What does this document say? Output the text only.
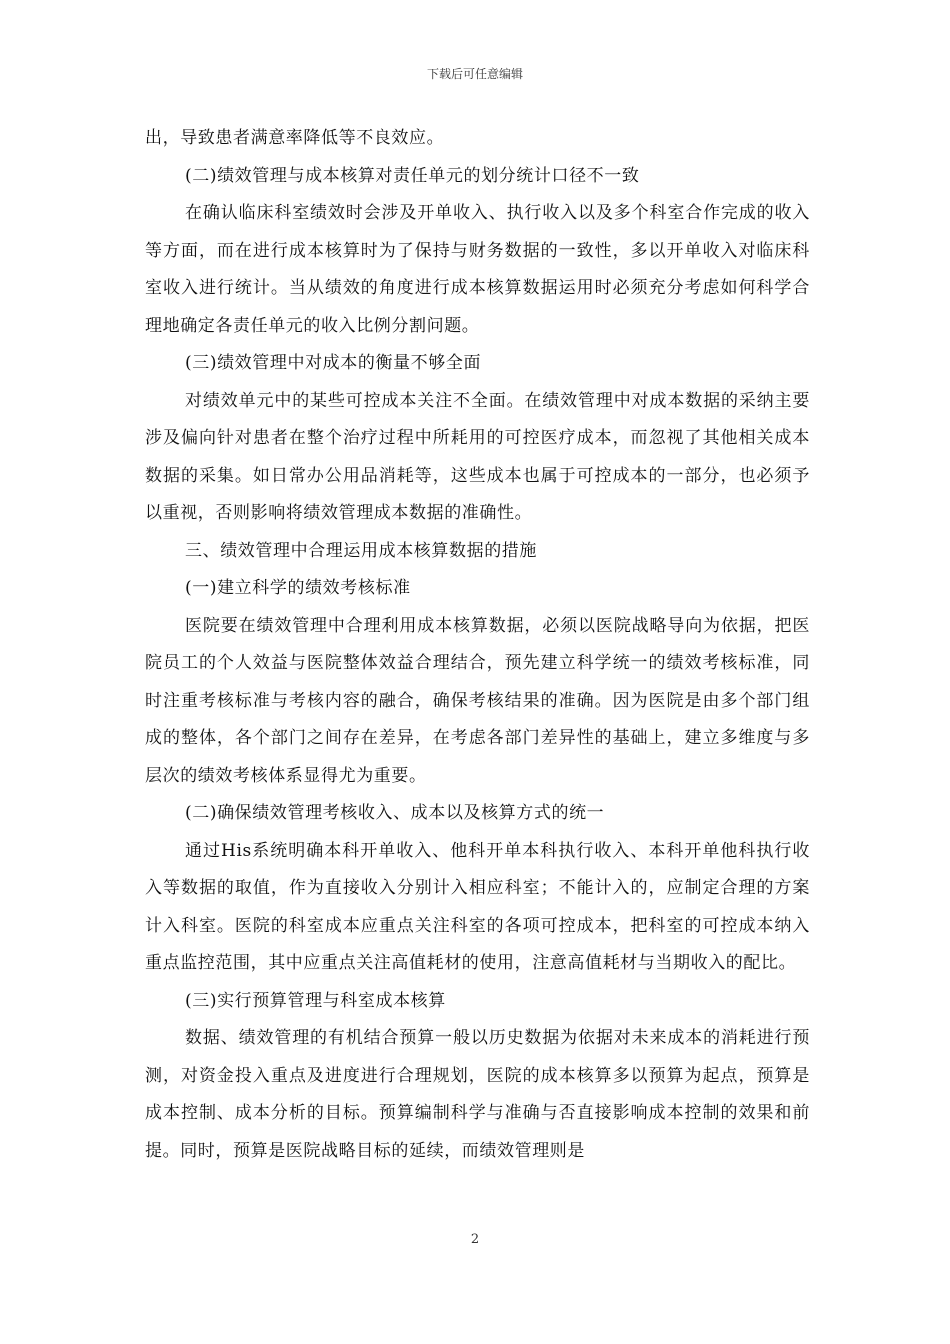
下载后可任意编辑

出，导致患者满意率降低等不良效应。

(二)绩效管理与成本核算对责任单元的划分统计口径不一致

在确认临床科室绩效时会涉及开单收入、执行收入以及多个科室合作完成的收入等方面，而在进行成本核算时为了保持与财务数据的一致性，多以开单收入对临床科室收入进行统计。当从绩效的角度进行成本核算数据运用时必须充分考虑如何科学合理地确定各责任单元的收入比例分割问题。

(三)绩效管理中对成本的衡量不够全面

对绩效单元中的某些可控成本关注不全面。在绩效管理中对成本数据的采纳主要涉及偏向针对患者在整个治疗过程中所耗用的可控医疗成本，而忽视了其他相关成本数据的采集。如日常办公用品消耗等，这些成本也属于可控成本的一部分，也必须予以重视，否则影响将绩效管理成本数据的准确性。

三、绩效管理中合理运用成本核算数据的措施

(一)建立科学的绩效考核标准

医院要在绩效管理中合理利用成本核算数据，必须以医院战略导向为依据，把医院员工的个人效益与医院整体效益合理结合，预先建立科学统一的绩效考核标准，同时注重考核标准与考核内容的融合，确保考核结果的准确。因为医院是由多个部门组成的整体，各个部门之间存在差异，在考虑各部门差异性的基础上，建立多维度与多层次的绩效考核体系显得尤为重要。

(二)确保绩效管理考核收入、成本以及核算方式的统一

通过His系统明确本科开单收入、他科开单本科执行收入、本科开单他科执行收入等数据的取值，作为直接收入分别计入相应科室；不能计入的，应制定合理的方案计入科室。医院的科室成本应重点关注科室的各项可控成本，把科室的可控成本纳入重点监控范围，其中应重点关注高值耗材的使用，注意高值耗材与当期收入的配比。

(三)实行预算管理与科室成本核算

数据、绩效管理的有机结合预算一般以历史数据为依据对未来成本的消耗进行预测，对资金投入重点及进度进行合理规划，医院的成本核算多以预算为起点，预算是成本控制、成本分析的目标。预算编制科学与准确与否直接影响成本控制的效果和前提。同时，预算是医院战略目标的延续，而绩效管理则是

2
